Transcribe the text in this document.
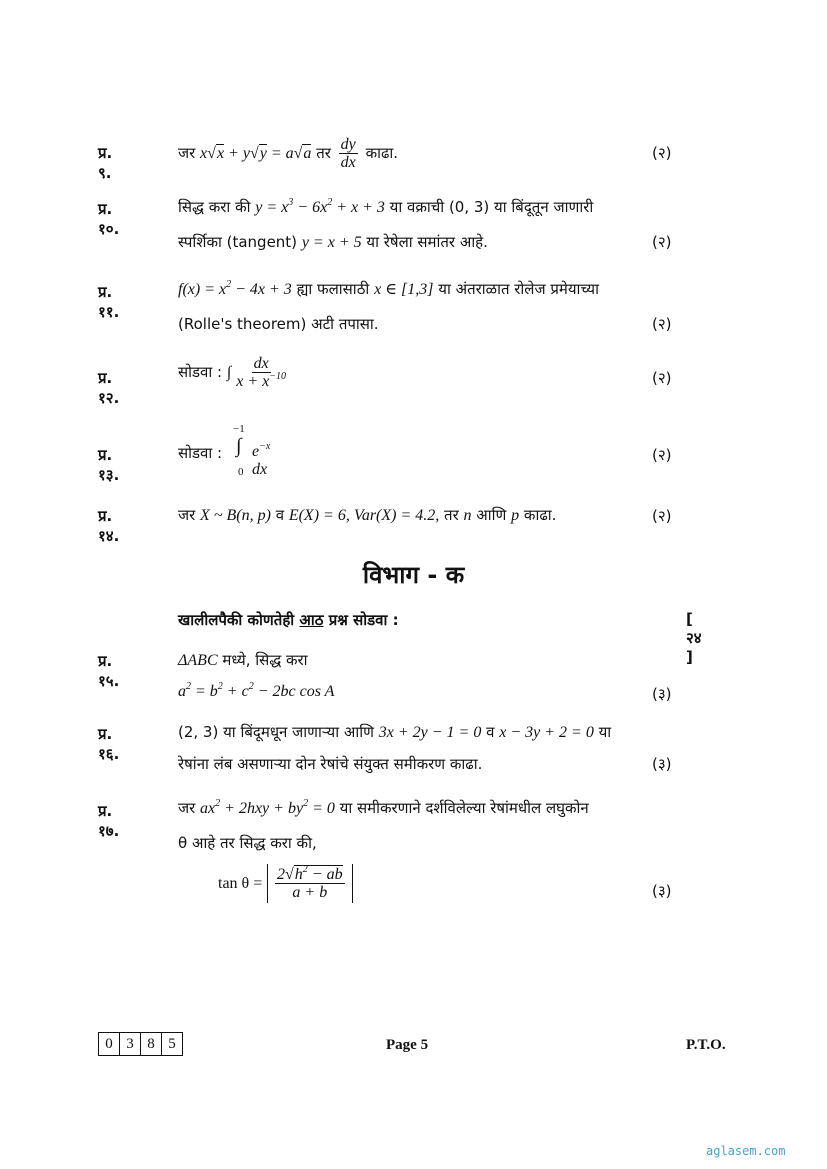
प्र. ९.
जर x√x + y√y = a√a तर $\frac{dy}{dx}$ काढा.	(२)
प्र. १०.
सिद्ध करा की $y = x^3 - 6x^2 + x + 3$ या वक्राची (0, 3) या बिंदूतून जाणारी
स्पर्शिका (tangent) y = x + 5 या रेषेला समांतर आहे.	(२)
प्र. ११.
$f(x) = x^2 - 4x + 3$ ह्या फलासाठी x ∈ [1,3] या अंतराळात रोलेज प्रमेयाच्या
(Rolle's theorem) अटी तपासा.	(२)
प्र. १२.
सोडवा : ∫ $\frac{dx}{x + x^{-10}}$	(२)
प्र. १३.
सोडवा :
−1
∫
0
$e^{-x}$ dx
(२)
प्र. १४.
जर X ~ B(n, p) व E(X) = 6, Var(X) = 4.2, तर n आणि p काढा.	(२)
विभाग - क
खालीलपैकी कोणतेही आठ प्रश्न सोडवा :	[ २४ ]
प्र. १५.
ΔABC मध्ये, सिद्ध करा
$a^2 = b^2 + c^2 - 2bc$ cos A	(३)
प्र. १६.
(2, 3) या बिंदूमधून जाणाऱ्या आणि 3x + 2y − 1 = 0 व x − 3y + 2 = 0 या
रेषांना लंब असणाऱ्या दोन रेषांचे संयुक्त समीकरण काढा.	(३)
प्र. १७.
जर $ax^2 + 2hxy + by^2 = 0$ या समीकरणाने दर्शविलेल्या रेषांमधील लघुकोन
θ आहे तर सिद्ध करा की,
$\tan \theta = \frac{2√h^2 - ab}{a + b}$	(३)
0 3 8 5	Page 5	P.T.O.
aglasem.com
